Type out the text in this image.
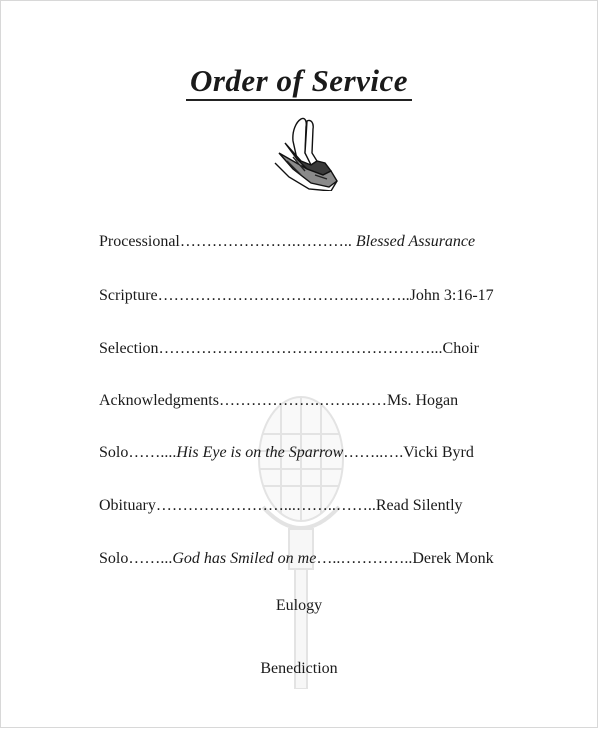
Order of Service
Processional………………….……….. Blessed Assurance
Scripture……………………………….………..John 3:16-17
Selection……………………………………………...Choir
Acknowledgments……………….…….……Ms. Hogan
Solo……....His Eye is on the Sparrow……..….Vicki Byrd
Obituary……………………...……..……..Read Silently
Solo……...God has Smiled on me…..…………..Derek Monk
Eulogy
Benediction
